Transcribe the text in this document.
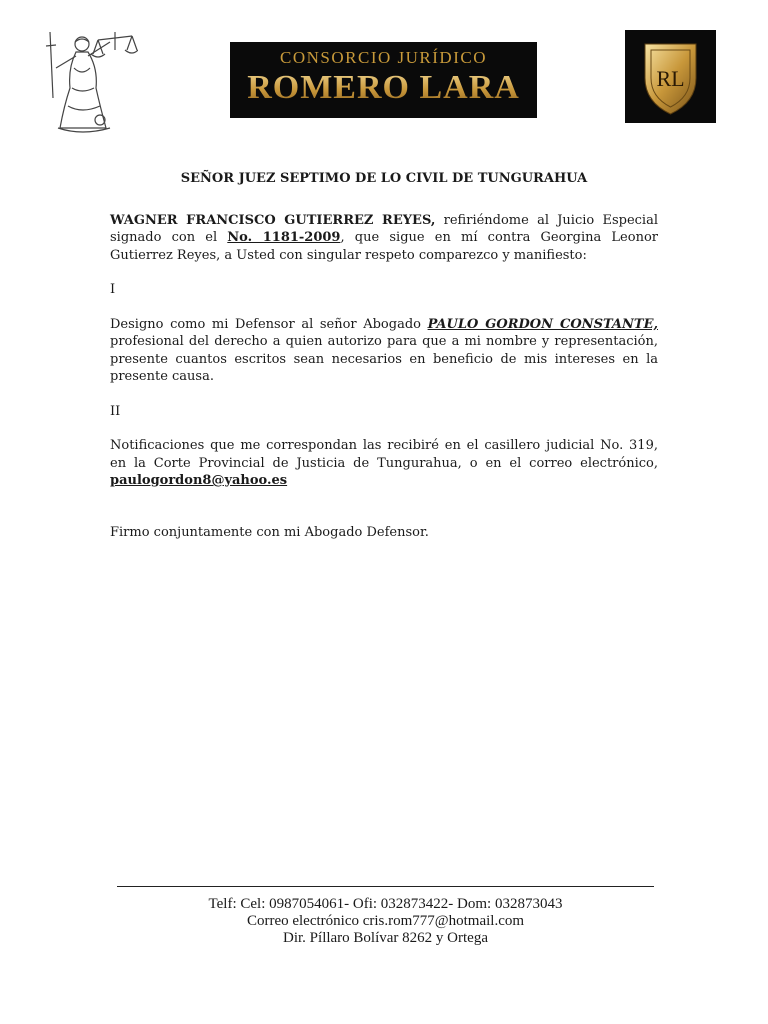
CONSORCIO JURÍDICO
ROMERO LARA	RL
SEÑOR JUEZ SEPTIMO DE LO CIVIL DE TUNGURAHUA

WAGNER FRANCISCO GUTIERREZ REYES, refiriéndome al Juicio Especial signado con el No. 1181-2009, que sigue en mí contra Georgina Leonor Gutierrez Reyes, a Usted con singular respeto comparezco y manifiesto:

I

Designo como mi Defensor al señor Abogado PAULO GORDON CONSTANTE, profesional del derecho a quien autorizo para que a mi nombre y representación, presente cuantos escritos sean necesarios en beneficio de mis intereses en la presente causa.

II

Notificaciones que me correspondan las recibiré en el casillero judicial No. 319, en la Corte Provincial de Justicia de Tungurahua, o en el correo electrónico, paulogordon8@yahoo.es

Firmo conjuntamente con mi Abogado Defensor.

Telf: Cel: 0987054061- Ofi: 032873422- Dom: 032873043
Correo electrónico cris.rom777@hotmail.com
Dir. Píllaro Bolívar 8262 y Ortega
